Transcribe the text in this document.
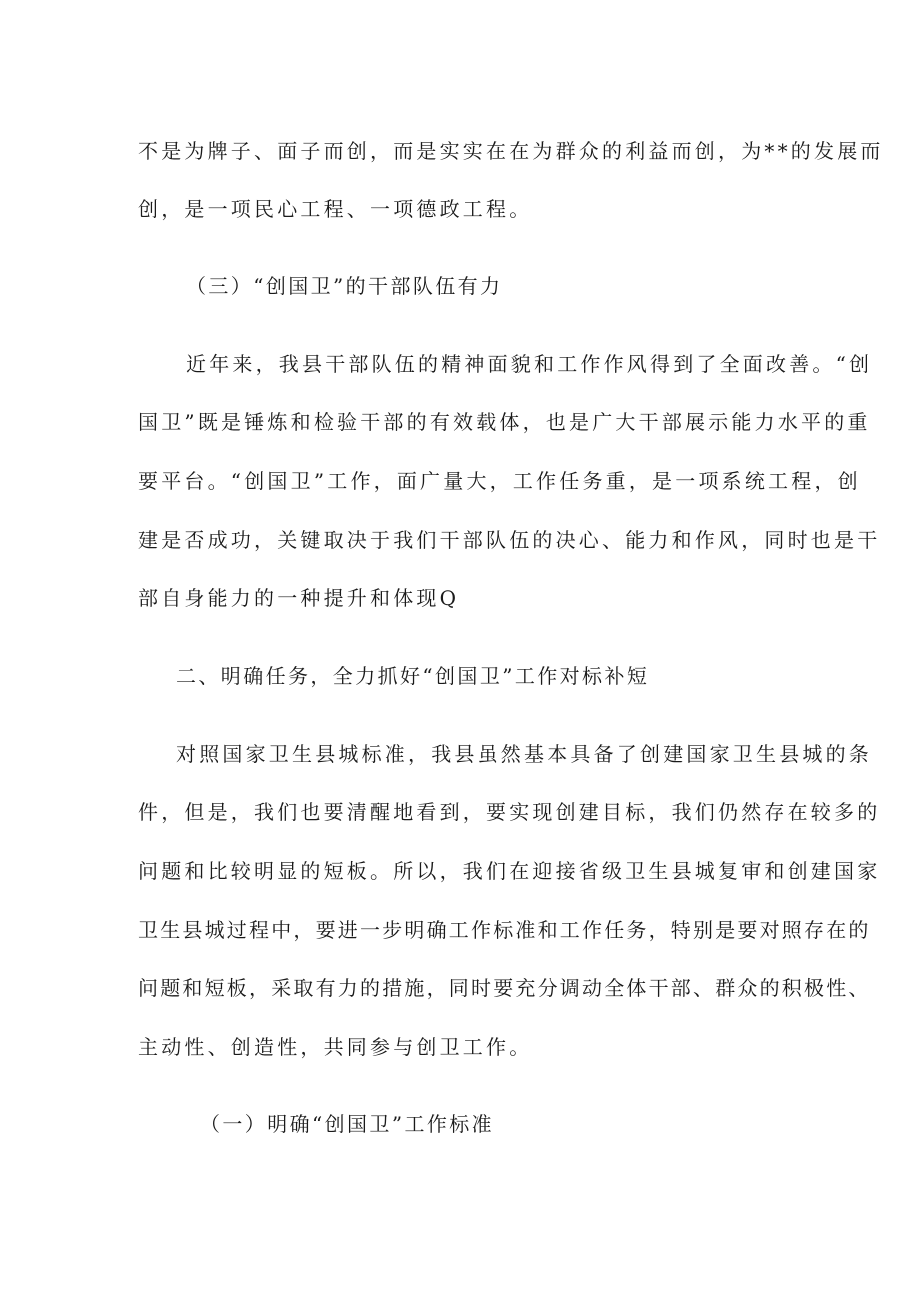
不是为牌子、面子而创，而是实实在在为群众的利益而创，为**的发展而
创，是一项民心工程、一项德政工程。
（三）“创国卫”的干部队伍有力
近年来，我县干部队伍的精神面貌和工作作风得到了全面改善。“创
国卫”既是锤炼和检验干部的有效载体，也是广大干部展示能力水平的重
要平台。“创国卫”工作，面广量大，工作任务重，是一项系统工程，创
建是否成功，关键取决于我们干部队伍的决心、能力和作风，同时也是干
部自身能力的一种提升和体现Q
二、明确任务，全力抓好“创国卫”工作对标补短
对照国家卫生县城标准，我县虽然基本具备了创建国家卫生县城的条
件，但是，我们也要清醒地看到，要实现创建目标，我们仍然存在较多的
问题和比较明显的短板。所以，我们在迎接省级卫生县城复审和创建国家
卫生县城过程中，要进一步明确工作标准和工作任务，特别是要对照存在的
问题和短板，采取有力的措施，同时要充分调动全体干部、群众的积极性、
主动性、创造性，共同参与创卫工作。
（一）明确“创国卫”工作标准
